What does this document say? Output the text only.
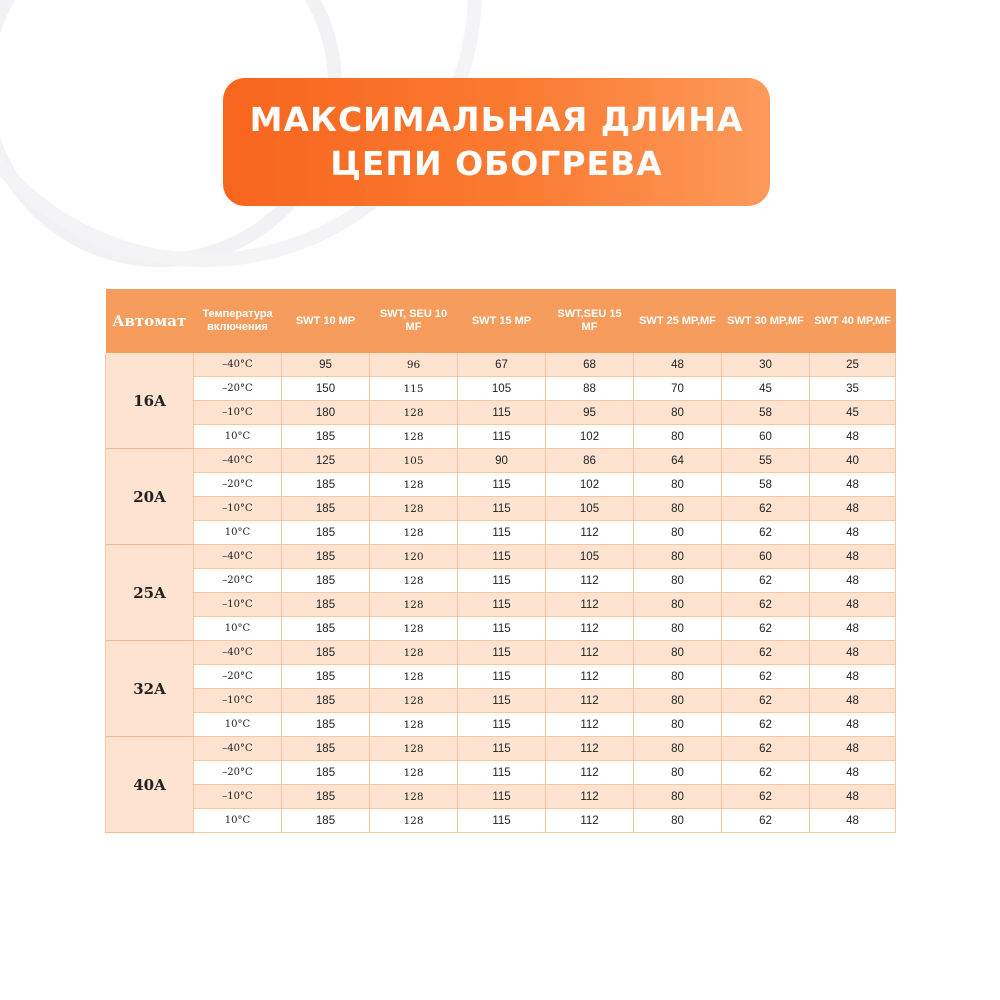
МАКСИМАЛЬНАЯ ДЛИНА
ЦЕПИ ОБОГРЕВА
Автомат	Температура включения	SWT 10 MP	SWT, SEU 10 MF	SWT 15 MP	SWT,SEU 15 MF	SWT 25 MP,MF	SWT 30 MP,MF	SWT 40 MP,MF
16A	–40°C	95	96	67	68	48	30	25
	–20°C	150	115	105	88	70	45	35
	–10°C	180	128	115	95	80	58	45
	10°C	185	128	115	102	80	60	48
20A	–40°C	125	105	90	86	64	55	40
	–20°C	185	128	115	102	80	58	48
	–10°C	185	128	115	105	80	62	48
	10°C	185	128	115	112	80	62	48
25A	–40°C	185	120	115	105	80	60	48
	–20°C	185	128	115	112	80	62	48
	–10°C	185	128	115	112	80	62	48
	10°C	185	128	115	112	80	62	48
32A	–40°C	185	128	115	112	80	62	48
	–20°C	185	128	115	112	80	62	48
	–10°C	185	128	115	112	80	62	48
	10°C	185	128	115	112	80	62	48
40A	–40°C	185	128	115	112	80	62	48
	–20°C	185	128	115	112	80	62	48
	–10°C	185	128	115	112	80	62	48
	10°C	185	128	115	112	80	62	48
